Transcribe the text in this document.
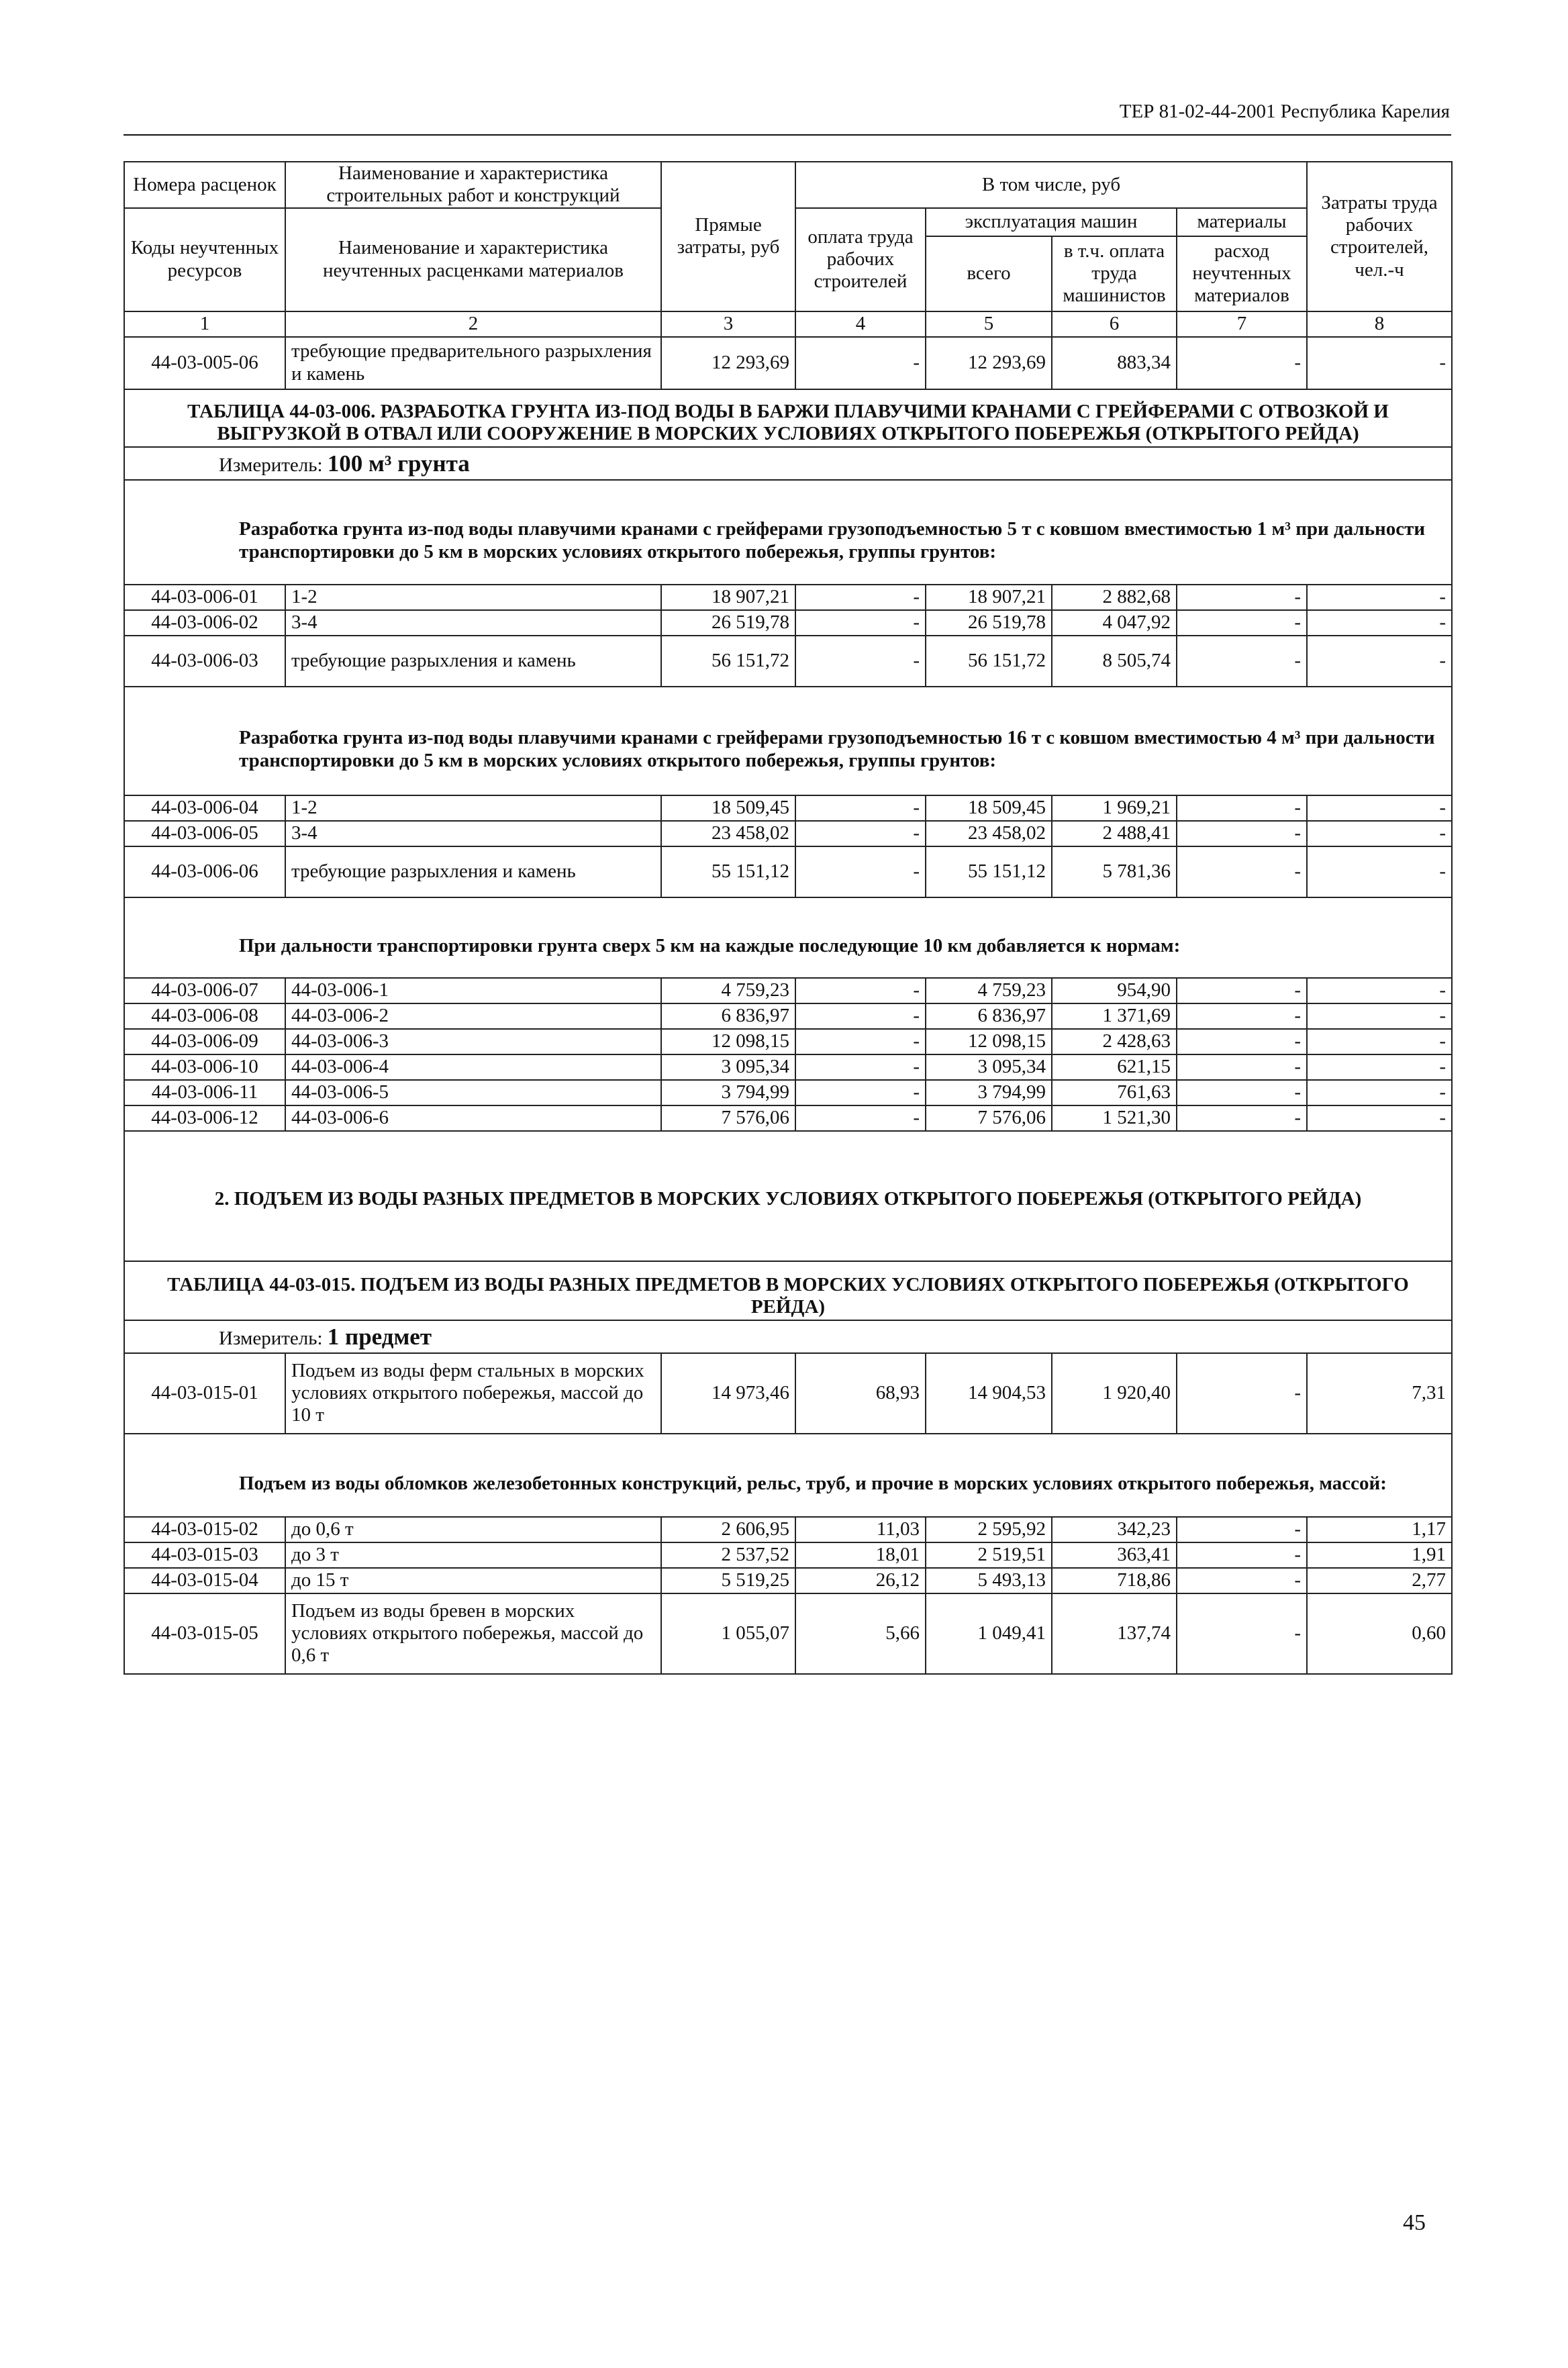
ТЕР 81-02-44-2001 Республика Карелия
Номера расценок	Наименование и характеристика строительных работ и конструкций	Прямые затраты, руб	В том числе, руб				Затраты труда рабочих строителей, чел.-ч
Коды неучтенных ресурсов	Наименование и характеристика неучтенных расценками материалов		оплата труда рабочих строителей	эксплуатация машин		материалы	
				всего	в т.ч. оплата труда машинистов	расход неучтенных материалов	
1	2	3	4	5	6	7	8
44-03-005-06	требующие предварительного разрыхления и камень	12 293,69	-	12 293,69	883,34	-	-
ТАБЛИЦА 44-03-006. РАЗРАБОТКА ГРУНТА ИЗ-ПОД ВОДЫ В БАРЖИ ПЛАВУЧИМИ КРАНАМИ С ГРЕЙФЕРАМИ С ОТВОЗКОЙ И ВЫГРУЗКОЙ В ОТВАЛ ИЛИ СООРУЖЕНИЕ В МОРСКИХ УСЛОВИЯХ ОТКРЫТОГО ПОБЕРЕЖЬЯ (ОТКРЫТОГО РЕЙДА)							
Измеритель: 100 м³ грунта							
Разработка грунта из-под воды плавучими кранами с грейферами грузоподъемностью 5 т с ковшом вместимостью 1 м³ при дальности транспортировки до 5 км в морских условиях открытого побережья, группы грунтов:							
44-03-006-01	1-2	18 907,21	-	18 907,21	2 882,68	-	-
44-03-006-02	3-4	26 519,78	-	26 519,78	4 047,92	-	-
44-03-006-03	требующие разрыхления и камень	56 151,72	-	56 151,72	8 505,74	-	-
Разработка грунта из-под воды плавучими кранами с грейферами грузоподъемностью 16 т с ковшом вместимостью 4 м³ при дальности транспортировки до 5 км в морских условиях открытого побережья, группы грунтов:							
44-03-006-04	1-2	18 509,45	-	18 509,45	1 969,21	-	-
44-03-006-05	3-4	23 458,02	-	23 458,02	2 488,41	-	-
44-03-006-06	требующие разрыхления и камень	55 151,12	-	55 151,12	5 781,36	-	-
При дальности транспортировки грунта сверх 5 км на каждые последующие 10 км добавляется к нормам:							
44-03-006-07	44-03-006-1	4 759,23	-	4 759,23	954,90	-	-
44-03-006-08	44-03-006-2	6 836,97	-	6 836,97	1 371,69	-	-
44-03-006-09	44-03-006-3	12 098,15	-	12 098,15	2 428,63	-	-
44-03-006-10	44-03-006-4	3 095,34	-	3 095,34	621,15	-	-
44-03-006-11	44-03-006-5	3 794,99	-	3 794,99	761,63	-	-
44-03-006-12	44-03-006-6	7 576,06	-	7 576,06	1 521,30	-	-
2. ПОДЪЕМ ИЗ ВОДЫ РАЗНЫХ ПРЕДМЕТОВ В МОРСКИХ УСЛОВИЯХ ОТКРЫТОГО ПОБЕРЕЖЬЯ (ОТКРЫТОГО РЕЙДА)							
ТАБЛИЦА 44-03-015. ПОДЪЕМ ИЗ ВОДЫ РАЗНЫХ ПРЕДМЕТОВ В МОРСКИХ УСЛОВИЯХ ОТКРЫТОГО ПОБЕРЕЖЬЯ (ОТКРЫТОГО РЕЙДА)							
Измеритель: 1 предмет							
44-03-015-01	Подъем из воды ферм стальных в морских условиях открытого побережья, массой до 10 т	14 973,46	68,93	14 904,53	1 920,40	-	7,31
Подъем из воды обломков железобетонных конструкций, рельс, труб, и прочие в морских условиях открытого побережья, массой:							
44-03-015-02	до 0,6 т	2 606,95	11,03	2 595,92	342,23	-	1,17
44-03-015-03	до 3 т	2 537,52	18,01	2 519,51	363,41	-	1,91
44-03-015-04	до 15 т	5 519,25	26,12	5 493,13	718,86	-	2,77
44-03-015-05	Подъем из воды бревен в морских условиях открытого побережья, массой до 0,6 т	1 055,07	5,66	1 049,41	137,74	-	0,60
45
